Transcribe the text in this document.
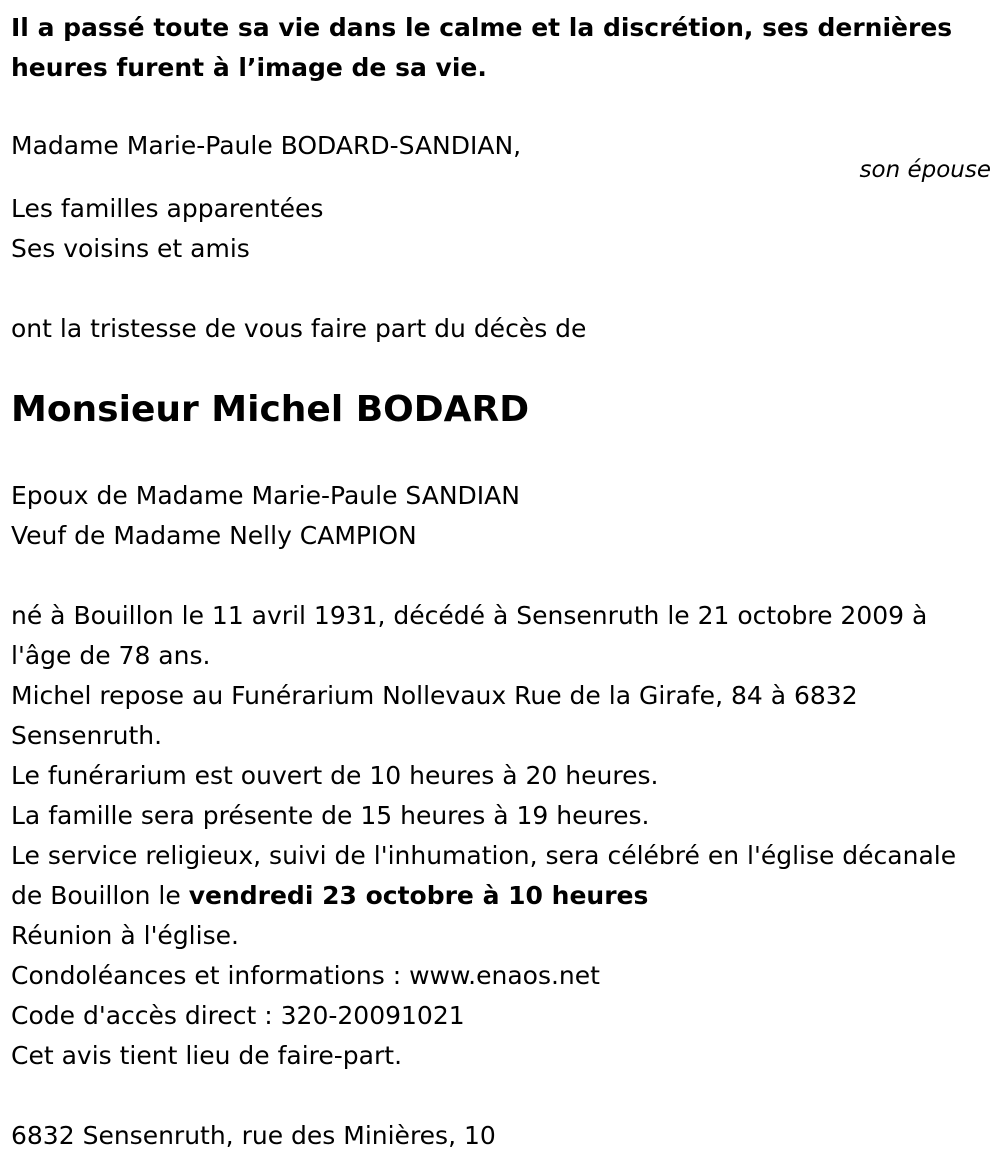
Il a passé toute sa vie dans le calme et la discrétion, ses dernières heures furent à l’image de sa vie.
Madame Marie-Paule BODARD-SANDIAN,
son épouse
Les familles apparentées
Ses voisins et amis
ont la tristesse de vous faire part du décès de
Monsieur Michel BODARD
Epoux de Madame Marie-Paule SANDIAN
Veuf de Madame Nelly CAMPION
né à Bouillon le 11 avril 1931, décédé à Sensenruth le 21 octobre 2009 à l'âge de 78 ans.
Michel repose au Funérarium Nollevaux Rue de la Girafe, 84 à 6832 Sensenruth.
Le funérarium est ouvert de 10 heures à 20 heures.
La famille sera présente de 15 heures à 19 heures.
Le service religieux, suivi de l'inhumation, sera célébré en l'église décanale de Bouillon le vendredi 23 octobre à 10 heures
Réunion à l'église.
Condoléances et informations : www.enaos.net
Code d'accès direct : 320-20091021
Cet avis tient lieu de faire-part.
6832 Sensenruth, rue des Minières, 10
